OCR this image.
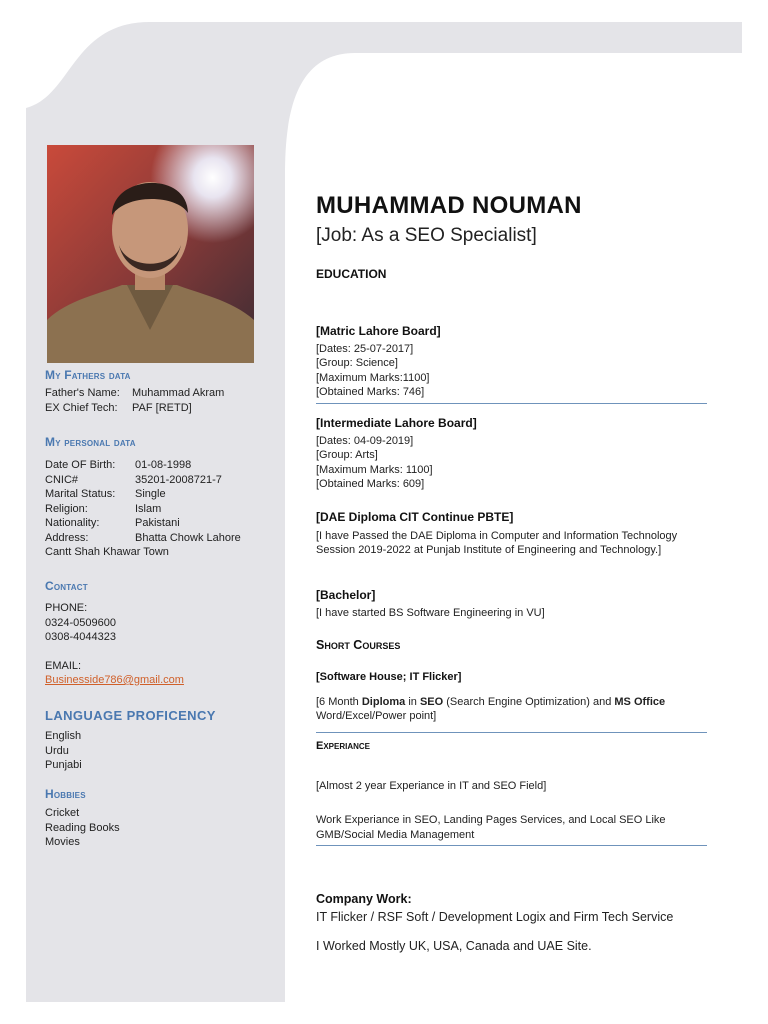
My Fathers data
Father's Name:	Muhammad Akram
EX Chief Tech:	PAF [RETD]
My personal data
Date OF Birth:	01-08-1998
CNIC#	35201-2008721-7
Marital Status:	Single
Religion:	Islam
Nationality:	Pakistani
Address:	Bhatta Chowk Lahore
Cantt Shah Khawar Town
Contact
PHONE:
0324-0509600
0308-4044323
EMAIL:
Businesside786@gmail.com
LANGUAGE PROFICENCY
English
Urdu
Punjabi
Hobbies
Cricket
Reading Books
Movies
MUHAMMAD NOUMAN
[Job: As a SEO Specialist]
EDUCATION
[Matric Lahore Board]
[Dates: 25-07-2017]
[Group: Science]
[Maximum Marks:1100]
[Obtained Marks: 746]
[Intermediate Lahore Board]
[Dates: 04-09-2019]
[Group: Arts]
[Maximum Marks: 1100]
[Obtained Marks: 609]
[DAE Diploma CIT Continue PBTE]
[I have Passed the DAE Diploma in Computer and Information Technology Session 2019-2022 at Punjab Institute of Engineering and Technology.]
[Bachelor]
[I have started BS Software Engineering in VU]
Short Courses
[Software House; IT Flicker]
[6 Month Diploma in SEO (Search Engine Optimization) and MS Office Word/Excel/Power point]
Experiance
[Almost 2 year Experiance in IT and SEO Field]
Work Experiance in SEO, Landing Pages Services, and Local SEO Like GMB/Social Media Management
Company Work:
IT Flicker / RSF Soft / Development Logix and Firm Tech Service
I Worked Mostly UK, USA, Canada and UAE Site.
